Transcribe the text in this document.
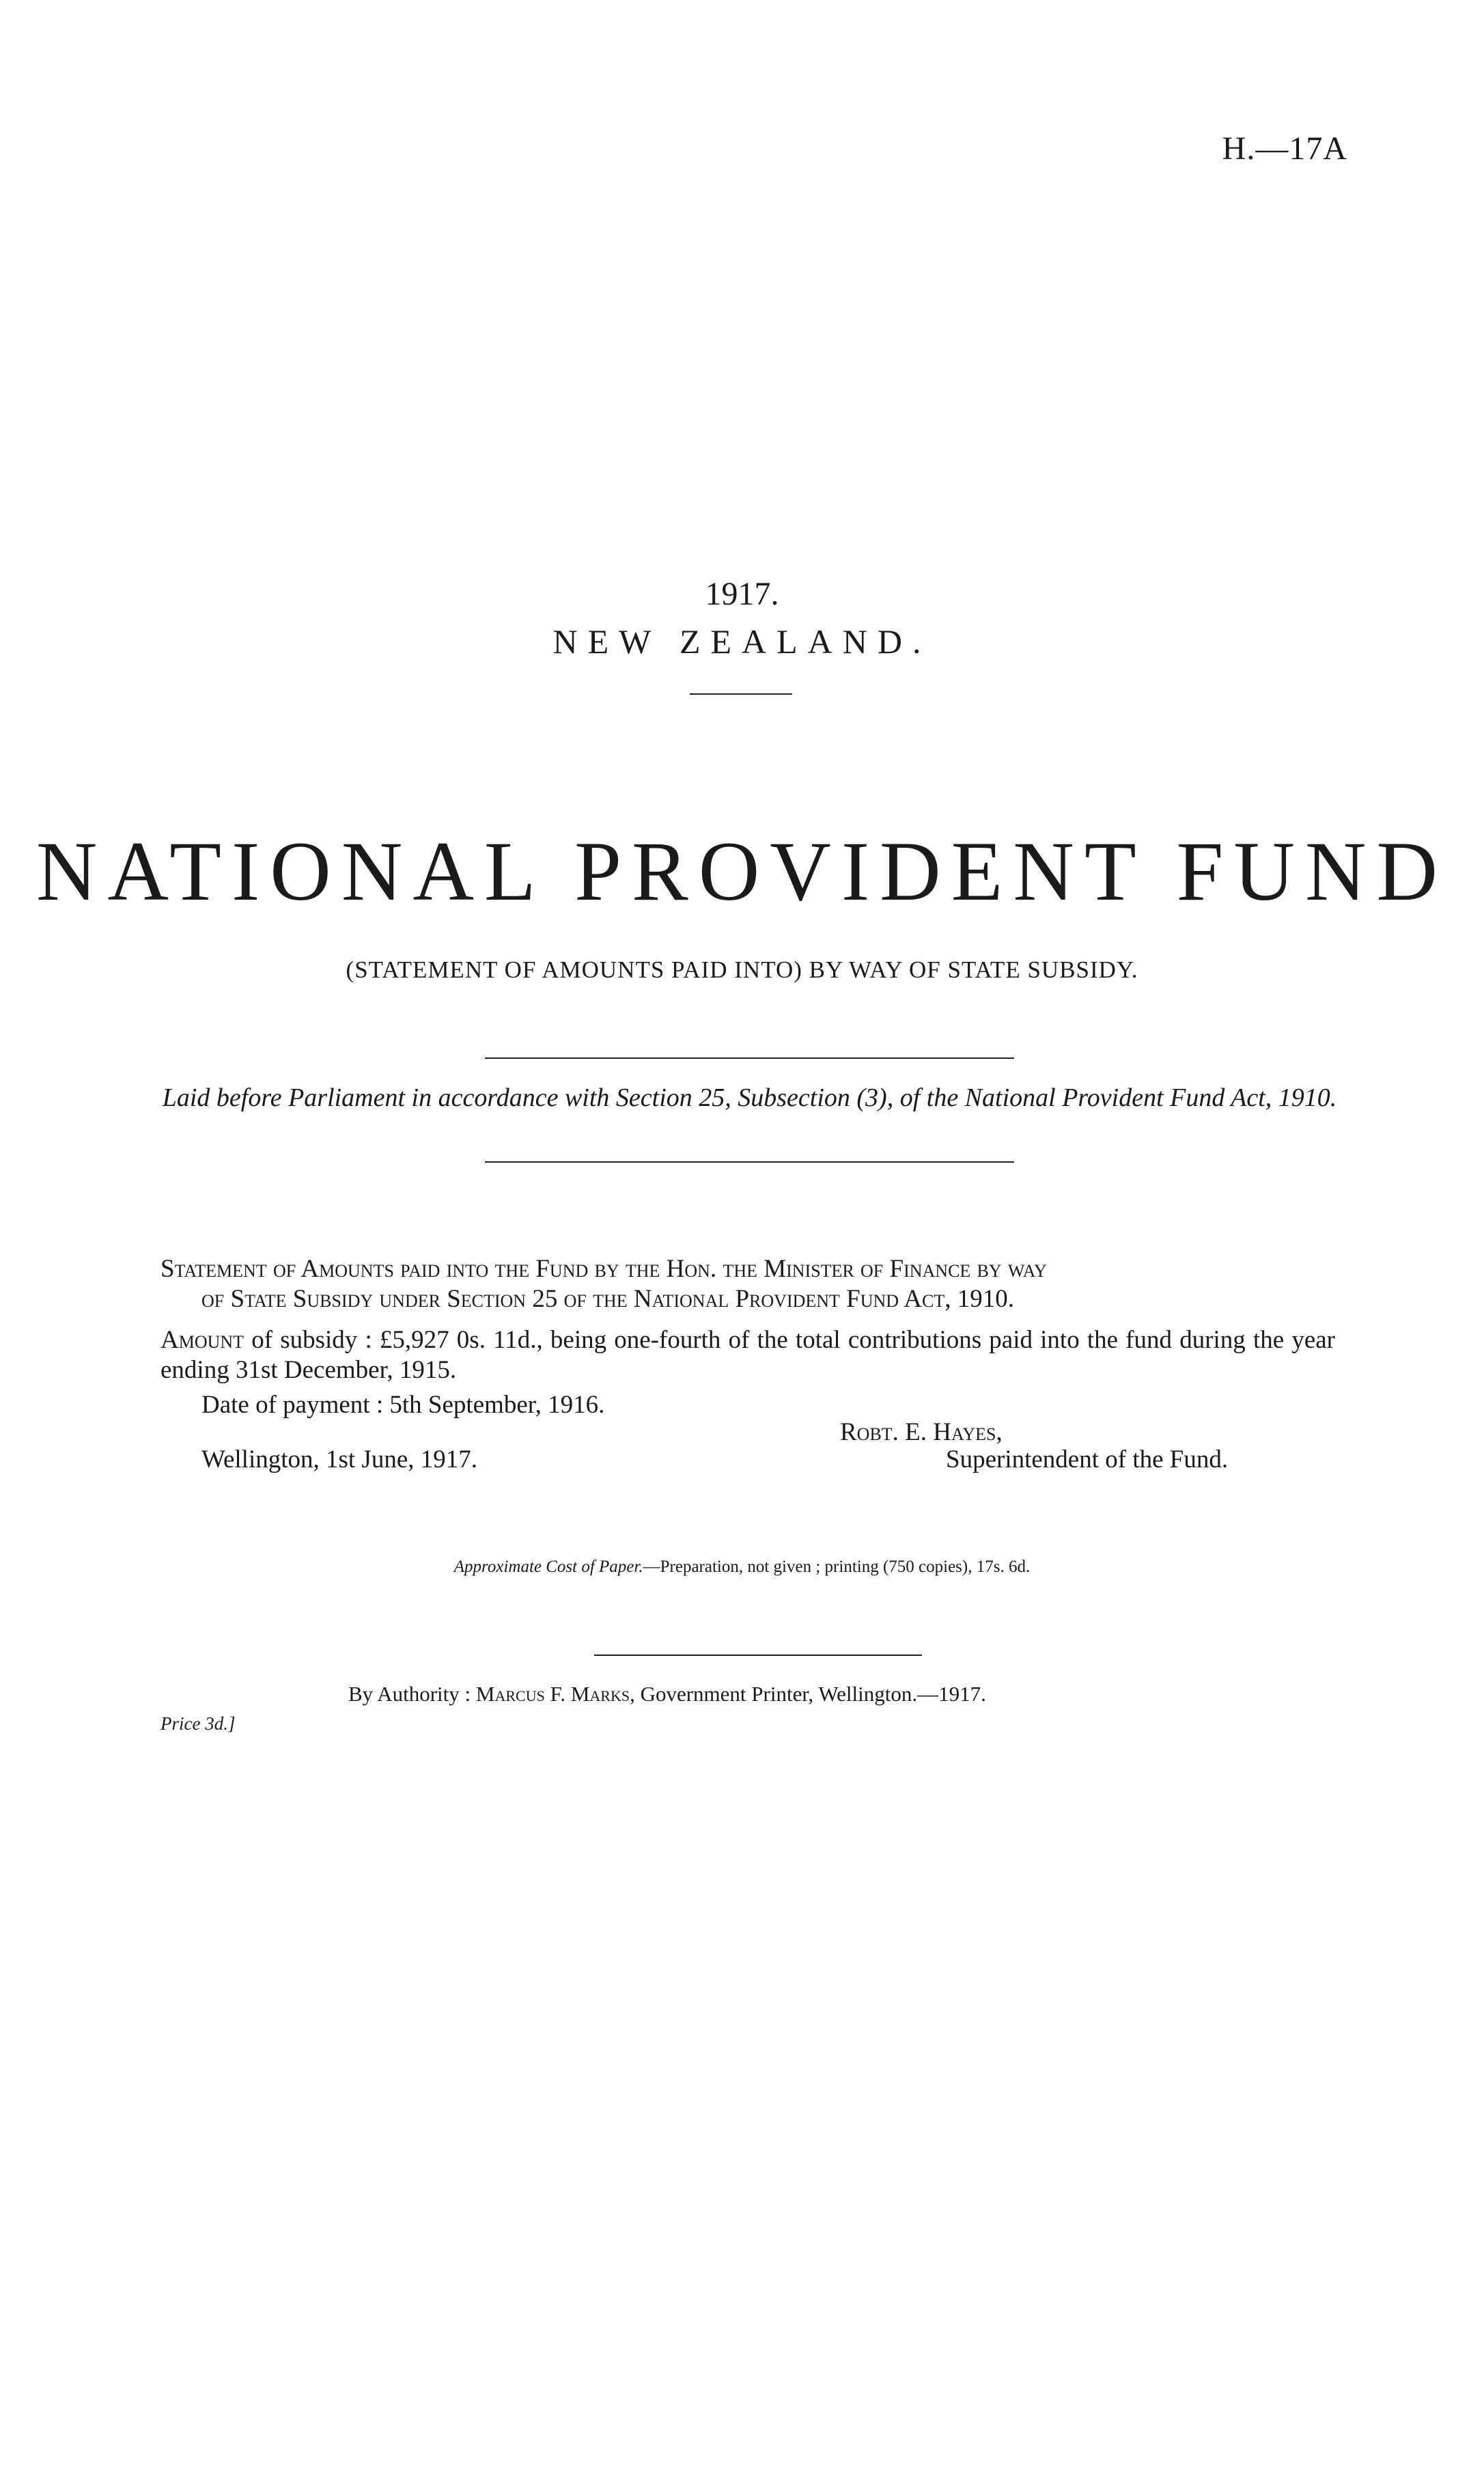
H.—17A
1917.
NEW ZEALAND.
NATIONAL PROVIDENT FUND
(STATEMENT OF AMOUNTS PAID INTO) BY WAY OF STATE SUBSIDY.
Laid before Parliament in accordance with Section 25, Subsection (3), of the National Provident Fund Act, 1910.
Statement of Amounts paid into the Fund by the Hon. the Minister of Finance by way
of State Subsidy under Section 25 of the National Provident Fund Act, 1910.
Amount of subsidy : £5,927 0s. 11d., being one-fourth of the total contributions paid into the fund during the year ending 31st December, 1915.
Date of payment : 5th September, 1916.
Robt. E. Hayes,
Wellington, 1st June, 1917.	Superintendent of the Fund.
Approximate Cost of Paper.—Preparation, not given ; printing (750 copies), 17s. 6d.
By Authority : Marcus F. Marks, Government Printer, Wellington.—1917.
Price 3d.]
